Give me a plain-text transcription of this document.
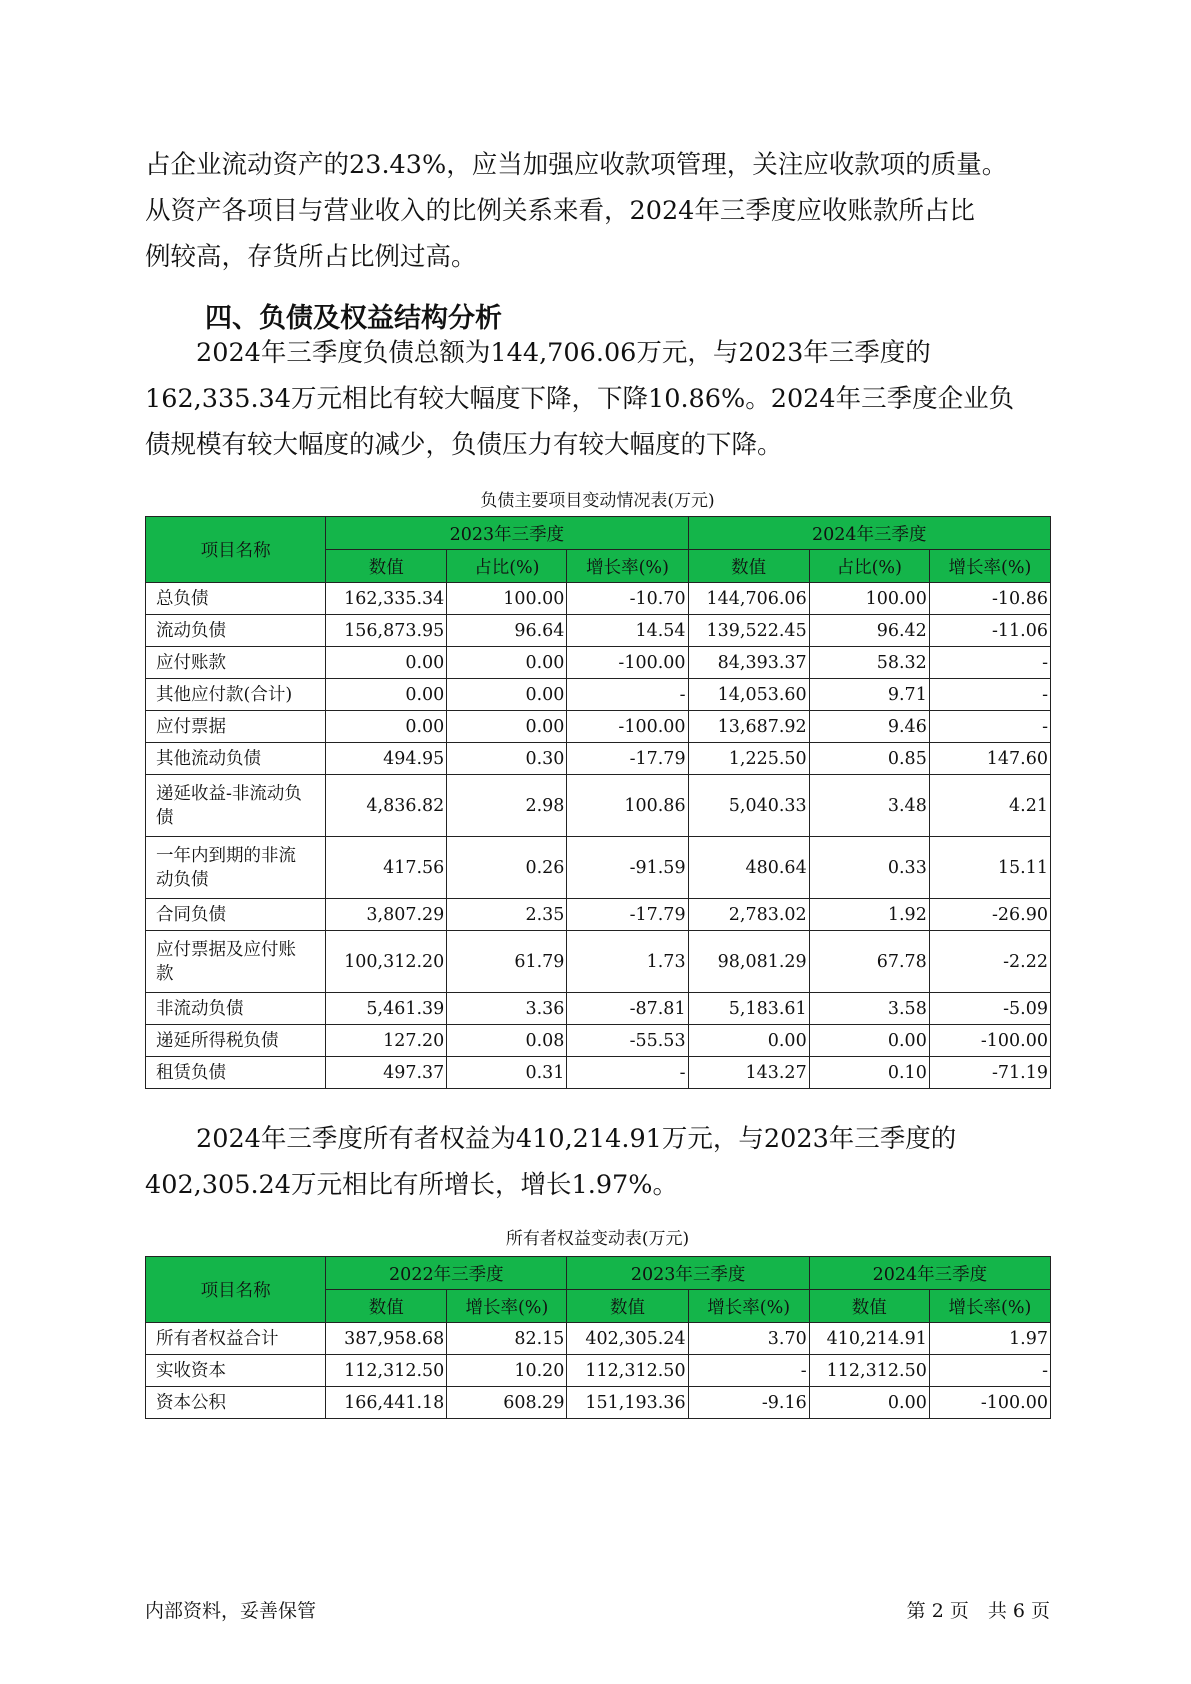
占企业流动资产的23.43%，应当加强应收款项管理，关注应收款项的质量。
从资产各项目与营业收入的比例关系来看，2024年三季度应收账款所占比
例较高，存货所占比例过高。

四、负债及权益结构分析

　　2024年三季度负债总额为144,706.06万元，与2023年三季度的
162,335.34万元相比有较大幅度下降，下降10.86%。2024年三季度企业负
债规模有较大幅度的减少，负债压力有较大幅度的下降。

负债主要项目变动情况表(万元)

项目名称	2023年三季度			2024年三季度		
	数值	占比(%)	增长率(%)	数值	占比(%)	增长率(%)
总负债	162,335.34	100.00	-10.70	144,706.06	100.00	-10.86
流动负债	156,873.95	96.64	14.54	139,522.45	96.42	-11.06
应付账款	0.00	0.00	-100.00	84,393.37	58.32	-
其他应付款(合计)	0.00	0.00	-	14,053.60	9.71	-
应付票据	0.00	0.00	-100.00	13,687.92	9.46	-
其他流动负债	494.95	0.30	-17.79	1,225.50	0.85	147.60

递延收益-非流动负
债	4,836.82	2.98	100.86	5,040.33	3.48	4.21

一年内到期的非流
动负债	417.56	0.26	-91.59	480.64	0.33	15.11
合同负债	3,807.29	2.35	-17.79	2,783.02	1.92	-26.90

应付票据及应付账
款	100,312.20	61.79	1.73	98,081.29	67.78	-2.22
非流动负债	5,461.39	3.36	-87.81	5,183.61	3.58	-5.09
递延所得税负债	127.20	0.08	-55.53	0.00	0.00	-100.00
租赁负债	497.37	0.31	-	143.27	0.10	-71.19

　　2024年三季度所有者权益为410,214.91万元，与2023年三季度的
402,305.24万元相比有所增长，增长1.97%。

所有者权益变动表(万元)

项目名称	2022年三季度		2023年三季度		2024年三季度	
	数值	增长率(%)	数值	增长率(%)	数值	增长率(%)
所有者权益合计	387,958.68	82.15	402,305.24	3.70	410,214.91	1.97
实收资本	112,312.50	10.20	112,312.50	-	112,312.50	-
资本公积	166,441.18	608.29	151,193.36	-9.16	0.00	-100.00
内部资料，妥善保管	第 2 页　共 6 页
